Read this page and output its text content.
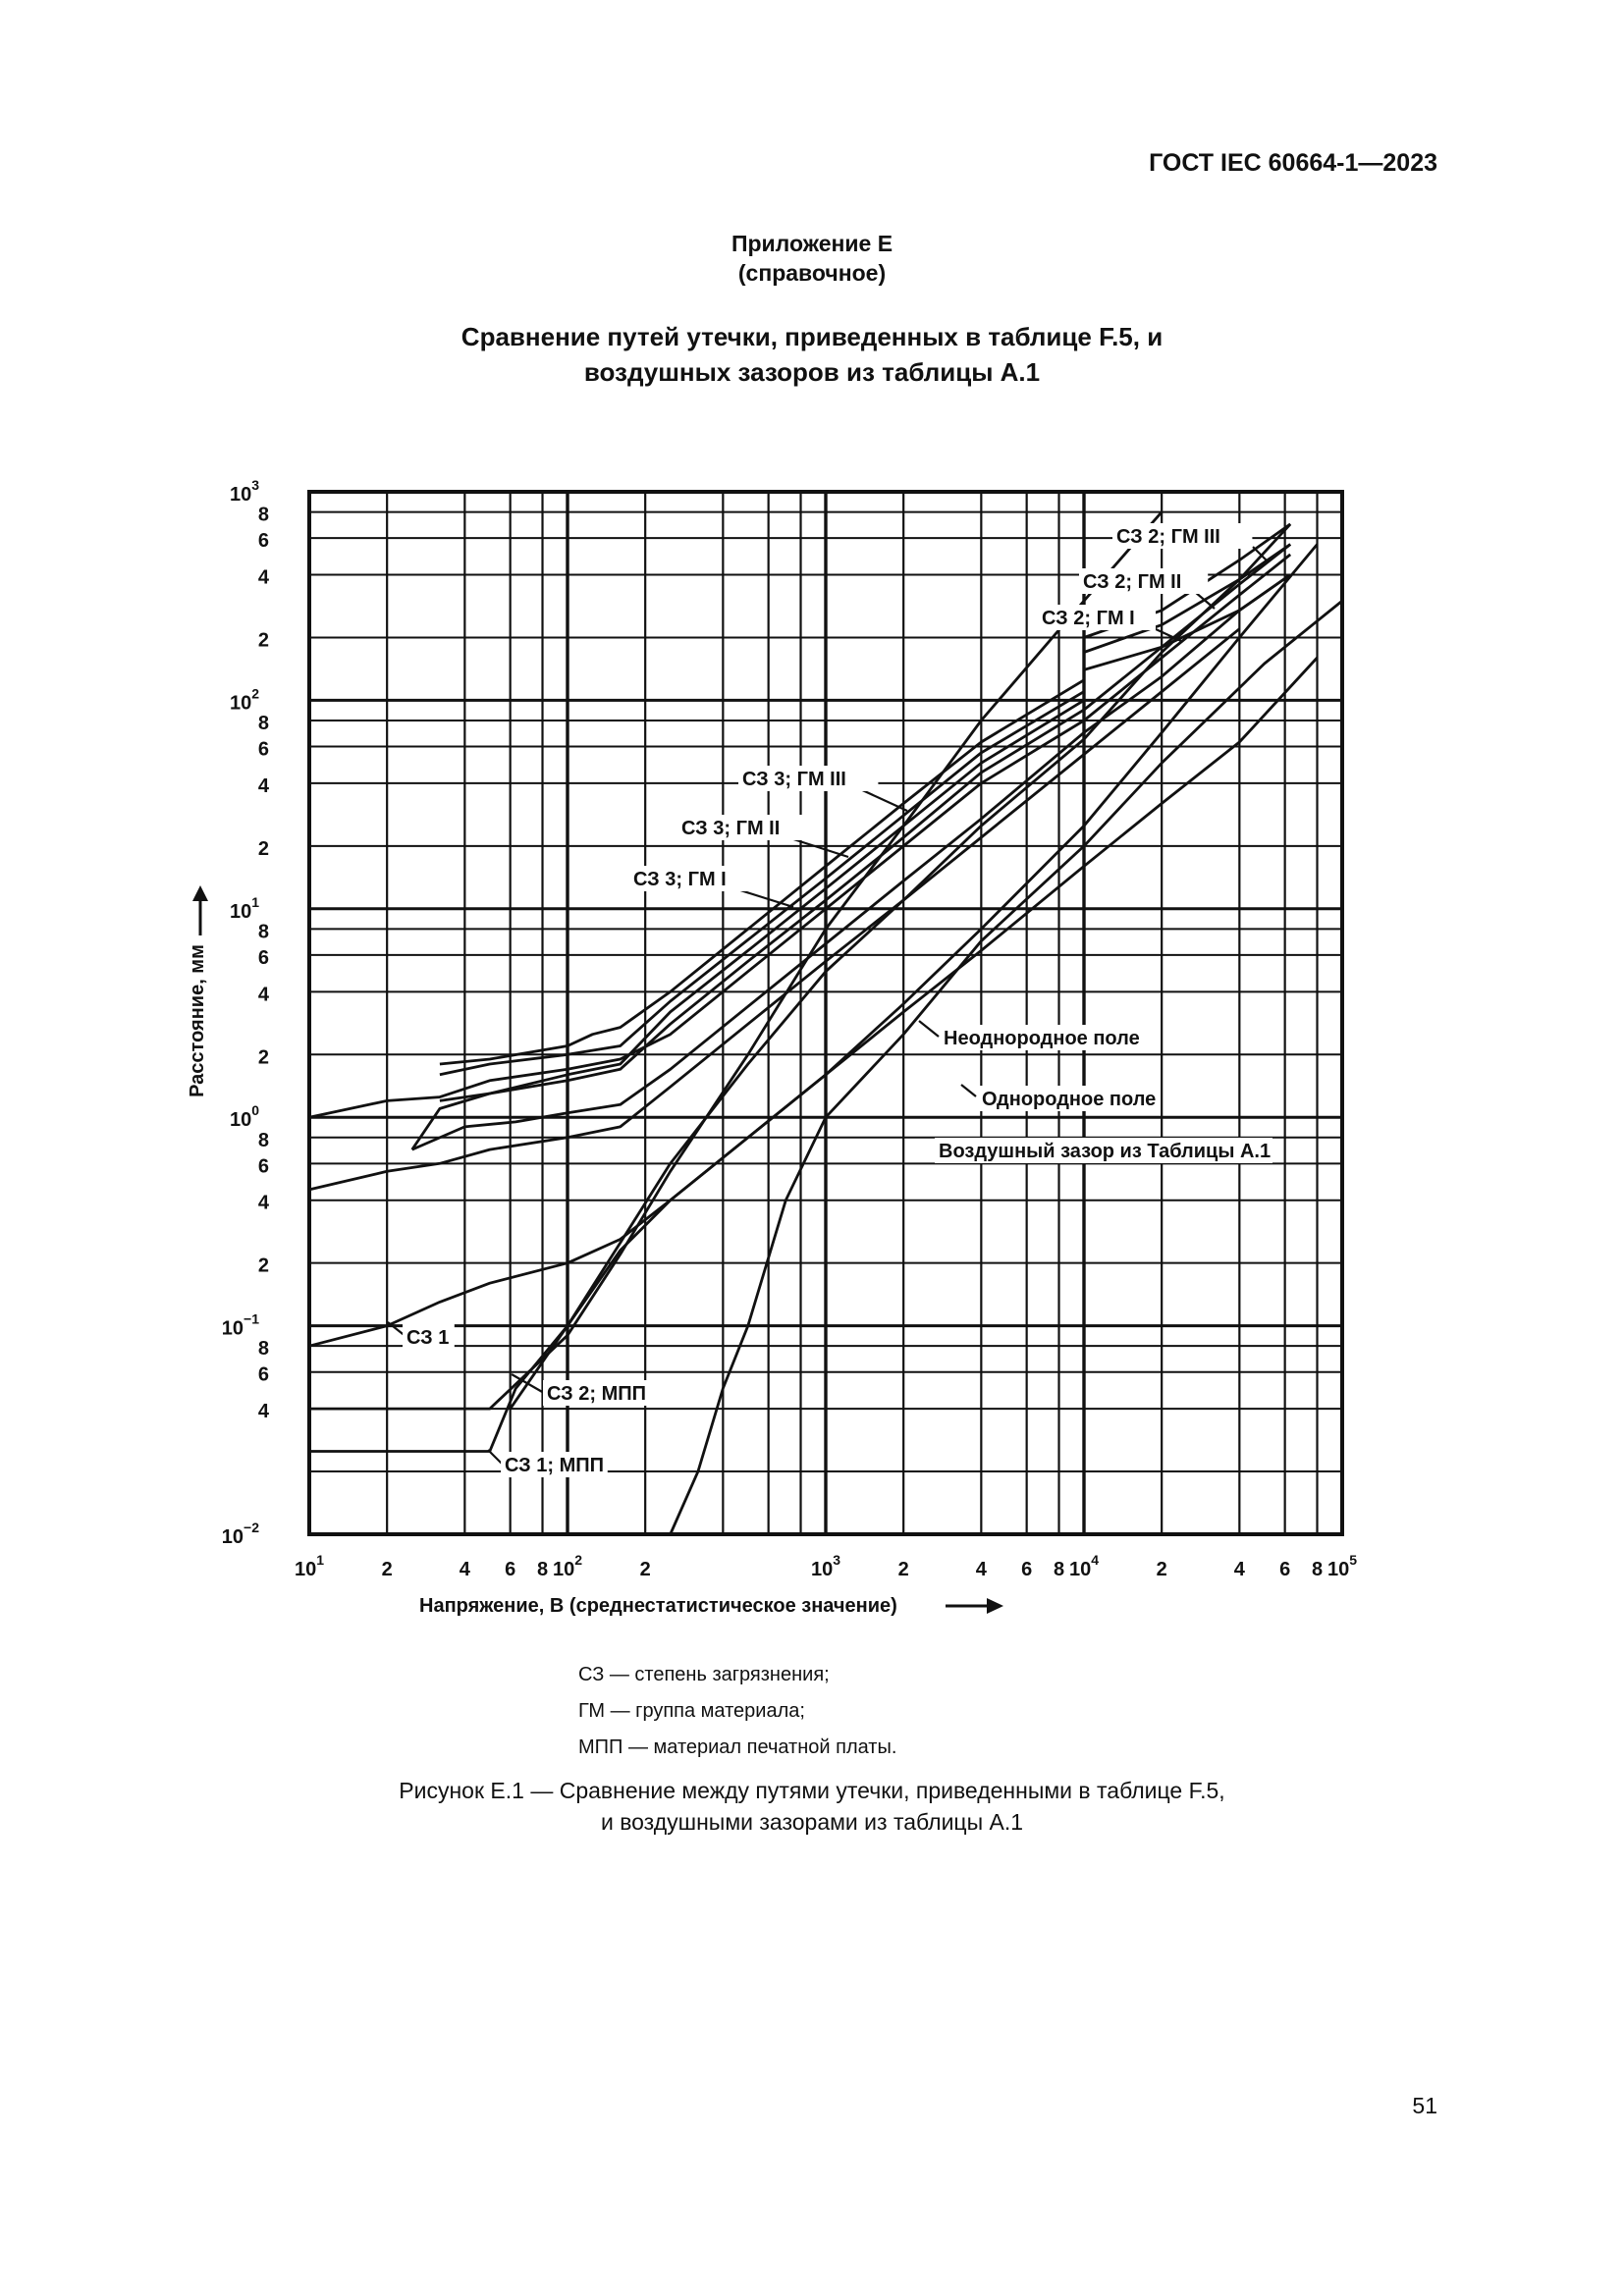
ГОСТ IEC 60664-1—2023
Приложение Е
(справочное)
Сравнение путей утечки, приведенных в таблице F.5, и
воздушных зазоров из таблицы А.1
$10^3$
8
6
4
2
$10^2$
8
6
4
2
$10^1$
8
6
4
2
$10^0$
8
6
4
2
$10^{-1}$
8
6
4
$10^{-2}$
$10^1$	2	4 6 8 $10^2$	2	$10^3$	2	4 6 8 $10^4$	2	4 6 8 $10^5$
СЗ 2; ГМ III
СЗ 2; ГМ II
СЗ 2; ГМ I
СЗ 3; ГМ III
СЗ 3; ГМ II
СЗ 3; ГМ I
Неоднородное поле
Однородное поле
Воздушный зазор из Таблицы А.1
СЗ 1
СЗ 2; МПП
СЗ 1; МПП
Расстояние, мм
Напряжение, В (среднестатистическое значение)
СЗ — степень загрязнения;
ГМ — группа материала;
МПП — материал печатной платы.
Рисунок Е.1 — Сравнение между путями утечки, приведенными в таблице F.5,
и воздушными зазорами из таблицы А.1
51
